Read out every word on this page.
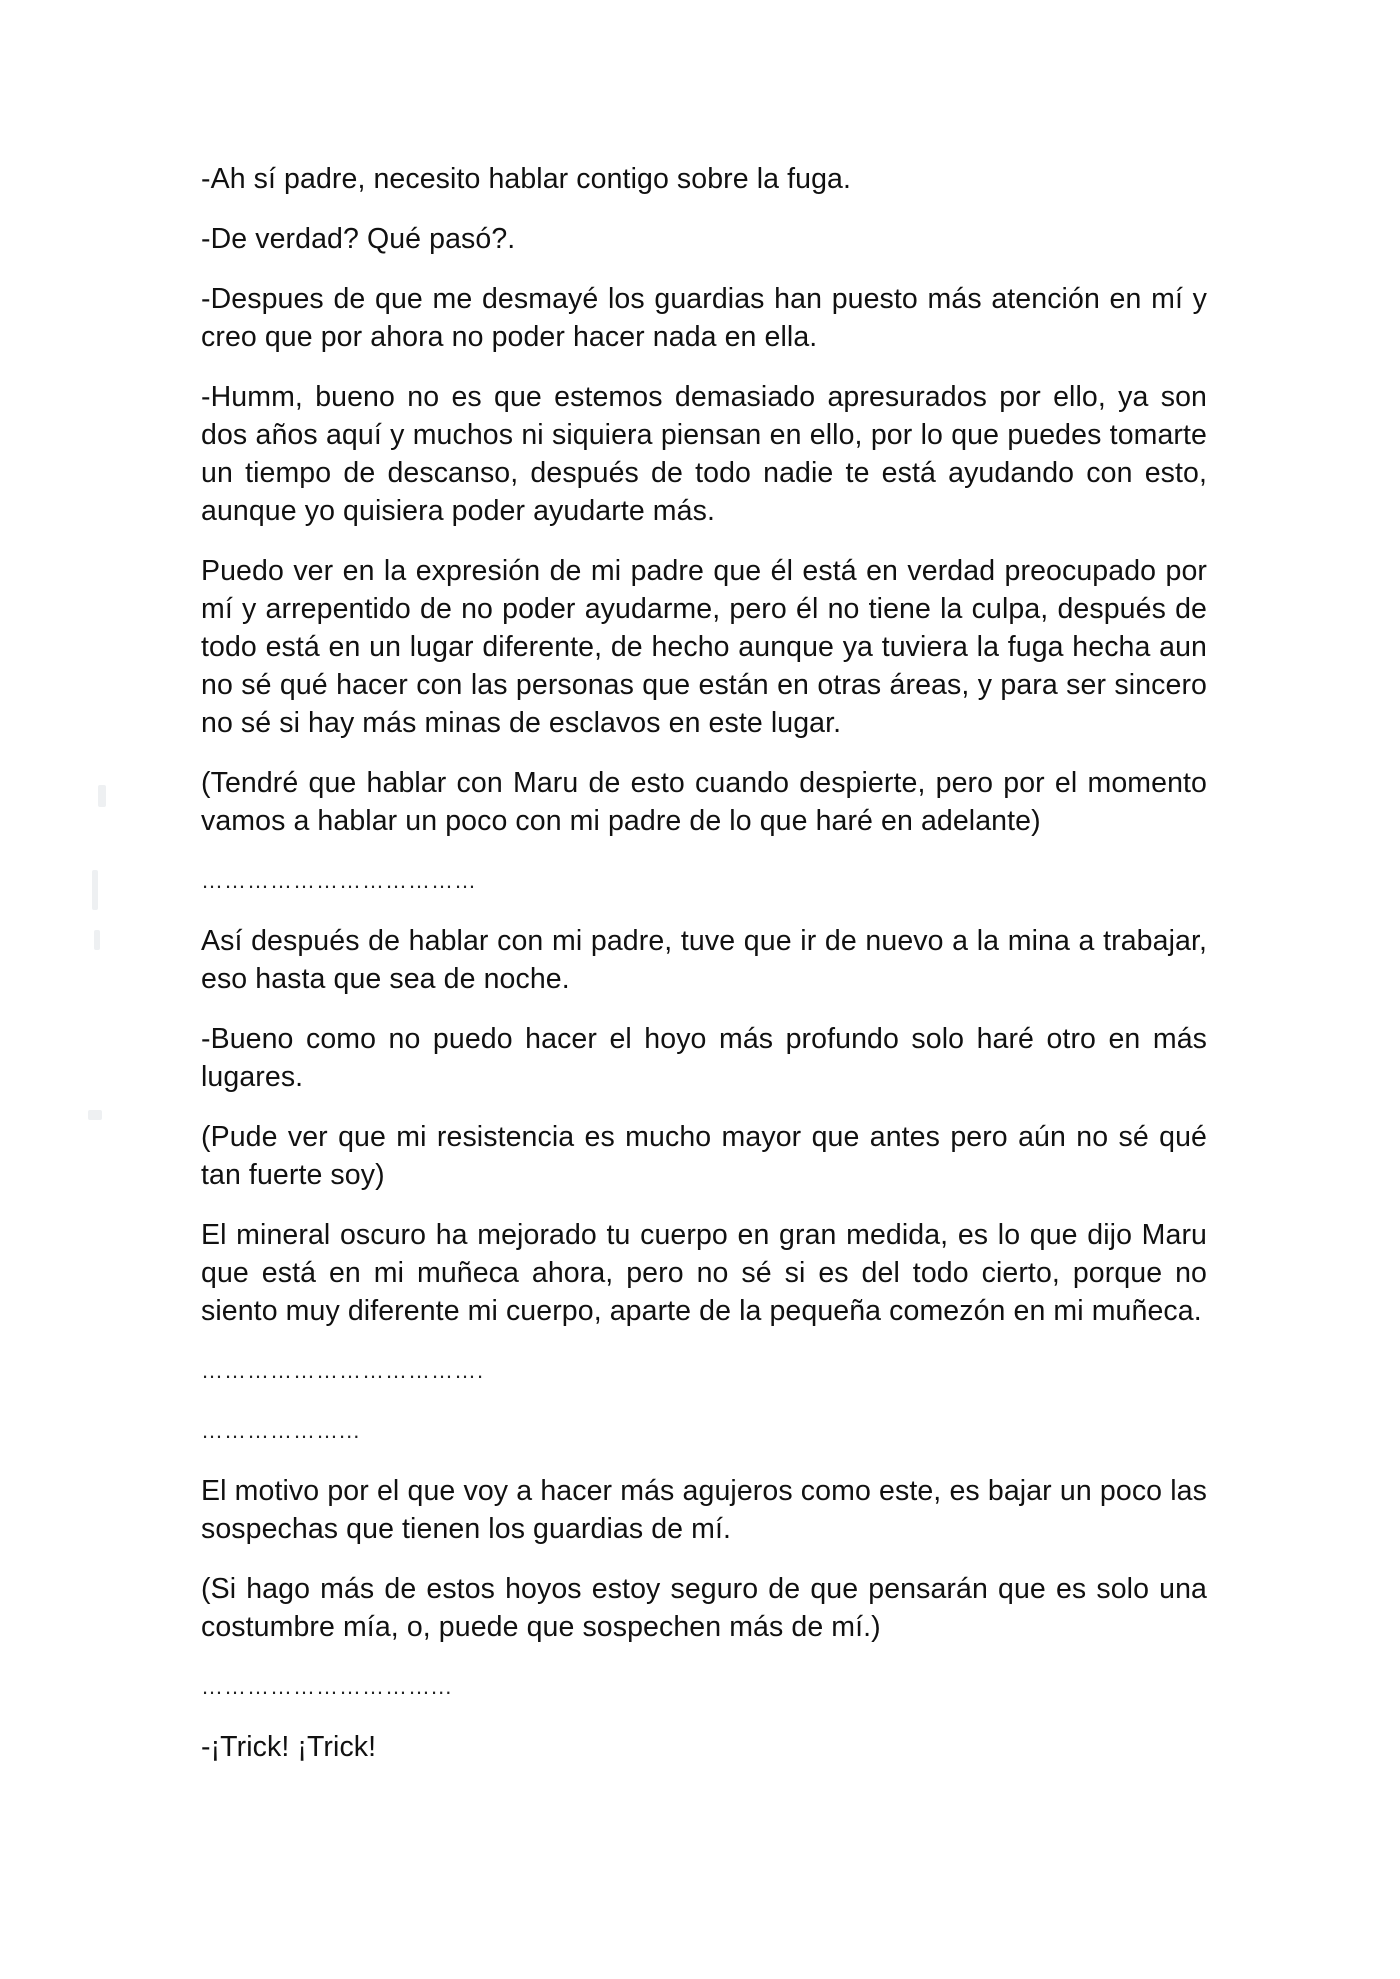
-Ah sí padre, necesito hablar contigo sobre la fuga.

-De verdad? Qué pasó?.

-Despues de que me desmayé los guardias han puesto más atención en mí y creo que por ahora no poder hacer nada en ella.

-Humm, bueno no es que estemos demasiado apresurados por ello, ya son dos años aquí y muchos ni siquiera piensan en ello, por lo que puedes tomarte un tiempo de descanso, después de todo nadie te está ayudando con esto, aunque yo quisiera poder ayudarte más.

Puedo ver en la expresión de mi padre que él está en verdad preocupado por mí y arrepentido de no poder ayudarme, pero él no tiene la culpa, después de todo está en un lugar diferente, de hecho aunque ya tuviera la fuga hecha aun no sé qué hacer con las personas que están en otras áreas, y para ser sincero no sé si hay más minas de esclavos en este lugar.

(Tendré que hablar con Maru de esto cuando despierte, pero por el momento vamos a hablar un poco con mi padre de lo que haré en adelante)

………………………………

Así después de hablar con mi padre, tuve que ir de nuevo a la mina a trabajar, eso hasta que sea de noche.

-Bueno como no puedo hacer el hoyo más profundo solo haré otro en más lugares.

(Pude ver que mi resistencia es mucho mayor que antes pero aún no sé qué tan fuerte soy)

El mineral oscuro ha mejorado tu cuerpo en gran medida, es lo que dijo Maru que está en mi muñeca ahora, pero no sé si es del todo cierto, porque no siento muy diferente mi cuerpo, aparte de la pequeña comezón en mi muñeca.

……………………………….

………………...

El motivo por el que voy a hacer más agujeros como este, es bajar un poco las sospechas que tienen los guardias de mí.

(Si hago más de estos hoyos estoy seguro de que pensarán que es solo una costumbre mía, o, puede que sospechen más de mí.)

…………………………...

-¡Trick! ¡Trick!
